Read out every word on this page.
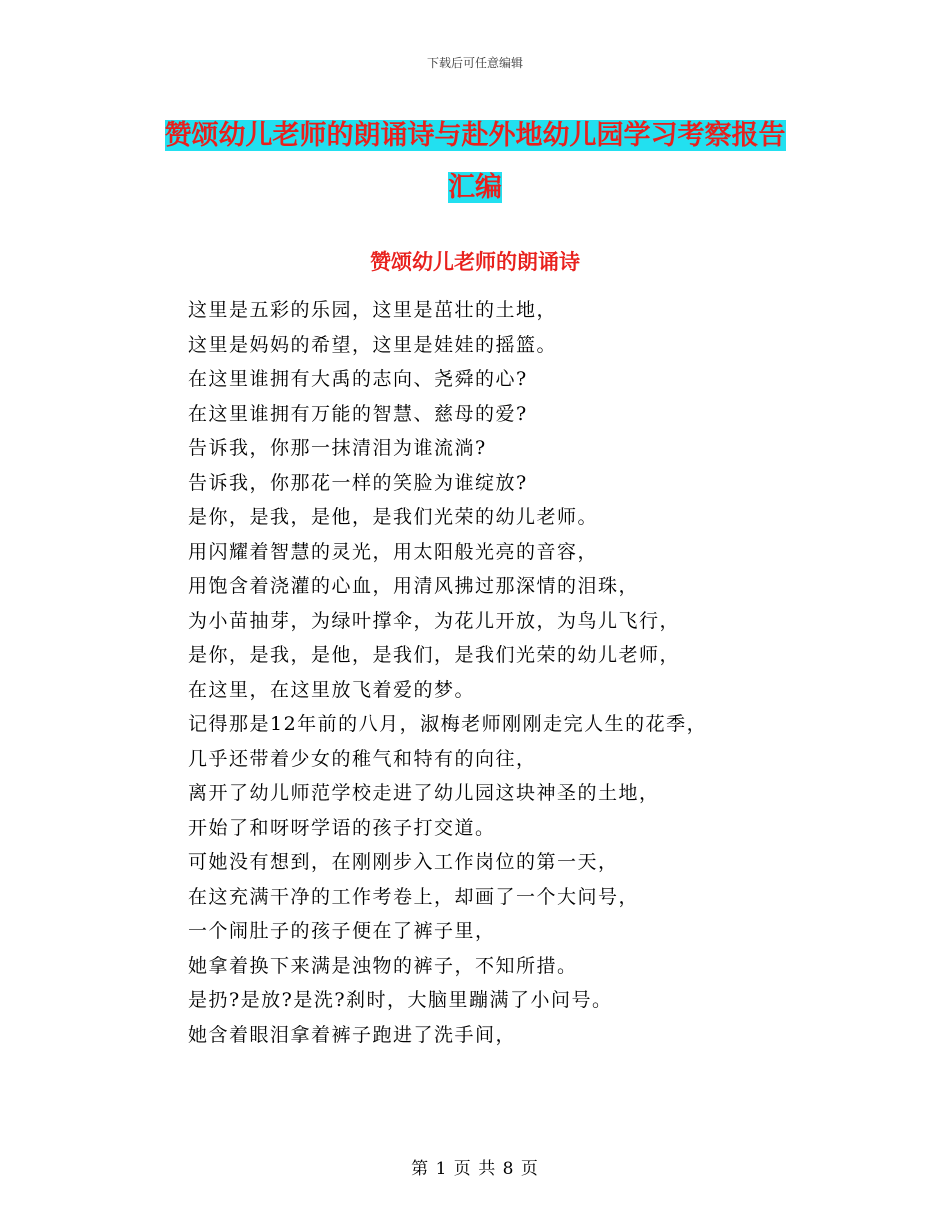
下载后可任意编辑
赞颂幼儿老师的朗诵诗与赴外地幼儿园学习考察报告
汇编
赞颂幼儿老师的朗诵诗
这里是五彩的乐园，这里是茁壮的土地，
这里是妈妈的希望，这里是娃娃的摇篮。
在这里谁拥有大禹的志向、尧舜的心?
在这里谁拥有万能的智慧、慈母的爱?
告诉我，你那一抹清泪为谁流淌?
告诉我，你那花一样的笑脸为谁绽放?
是你，是我，是他，是我们光荣的幼儿老师。
用闪耀着智慧的灵光，用太阳般光亮的音容，
用饱含着浇灌的心血，用清风拂过那深情的泪珠，
为小苗抽芽，为绿叶撑伞，为花儿开放，为鸟儿飞行，
是你，是我，是他，是我们，是我们光荣的幼儿老师，
在这里，在这里放飞着爱的梦。
记得那是12年前的八月，淑梅老师刚刚走完人生的花季，
几乎还带着少女的稚气和特有的向往，
离开了幼儿师范学校走进了幼儿园这块神圣的土地，
开始了和呀呀学语的孩子打交道。
可她没有想到，在刚刚步入工作岗位的第一天，
在这充满干净的工作考卷上，却画了一个大问号，
一个闹肚子的孩子便在了裤子里，
她拿着换下来满是浊物的裤子，不知所措。
是扔?是放?是洗?刹时，大脑里蹦满了小问号。
她含着眼泪拿着裤子跑进了洗手间，
第 1 页 共 8 页
